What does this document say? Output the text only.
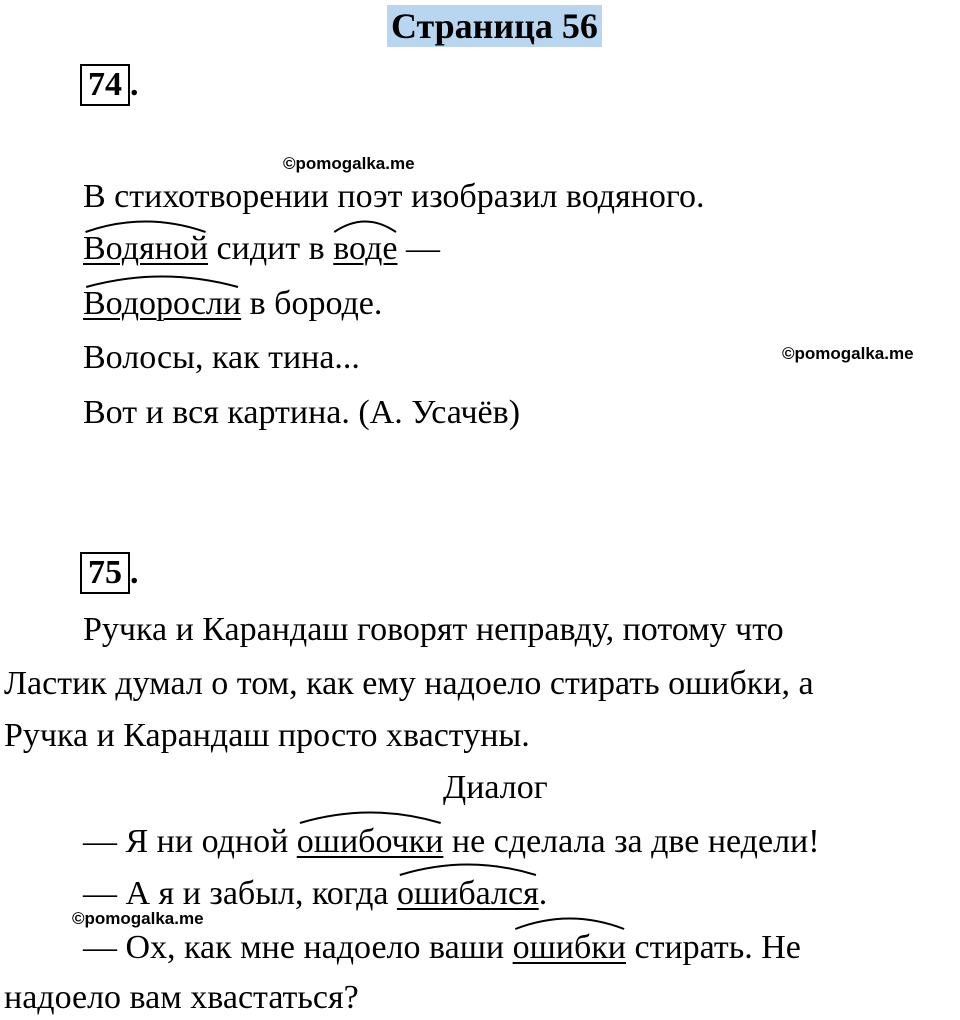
Страница 56
74 .
©pomogalka.me
В стихотворении поэт изобразил водяного.
Водяной сидит в
воде —
Водоросли в бороде.
Волосы, как тина...	©pomogalka.me
Вот и вся картина. (А. Усачёв)
75 .
Ручка и Карандаш говорят неправду, потому что
Ластик думал о том, как ему надоело стирать ошибки, а
Ручка и Карандаш просто хвастуны.
Диалог
— Я ни одной
ошибочки не сделала за две недели!
— А я и забыл, когда
ошибался.
©pomogalka.me
— Ох, как мне надоело ваши
ошибки стирать. Не
надоело вам хвастаться?
